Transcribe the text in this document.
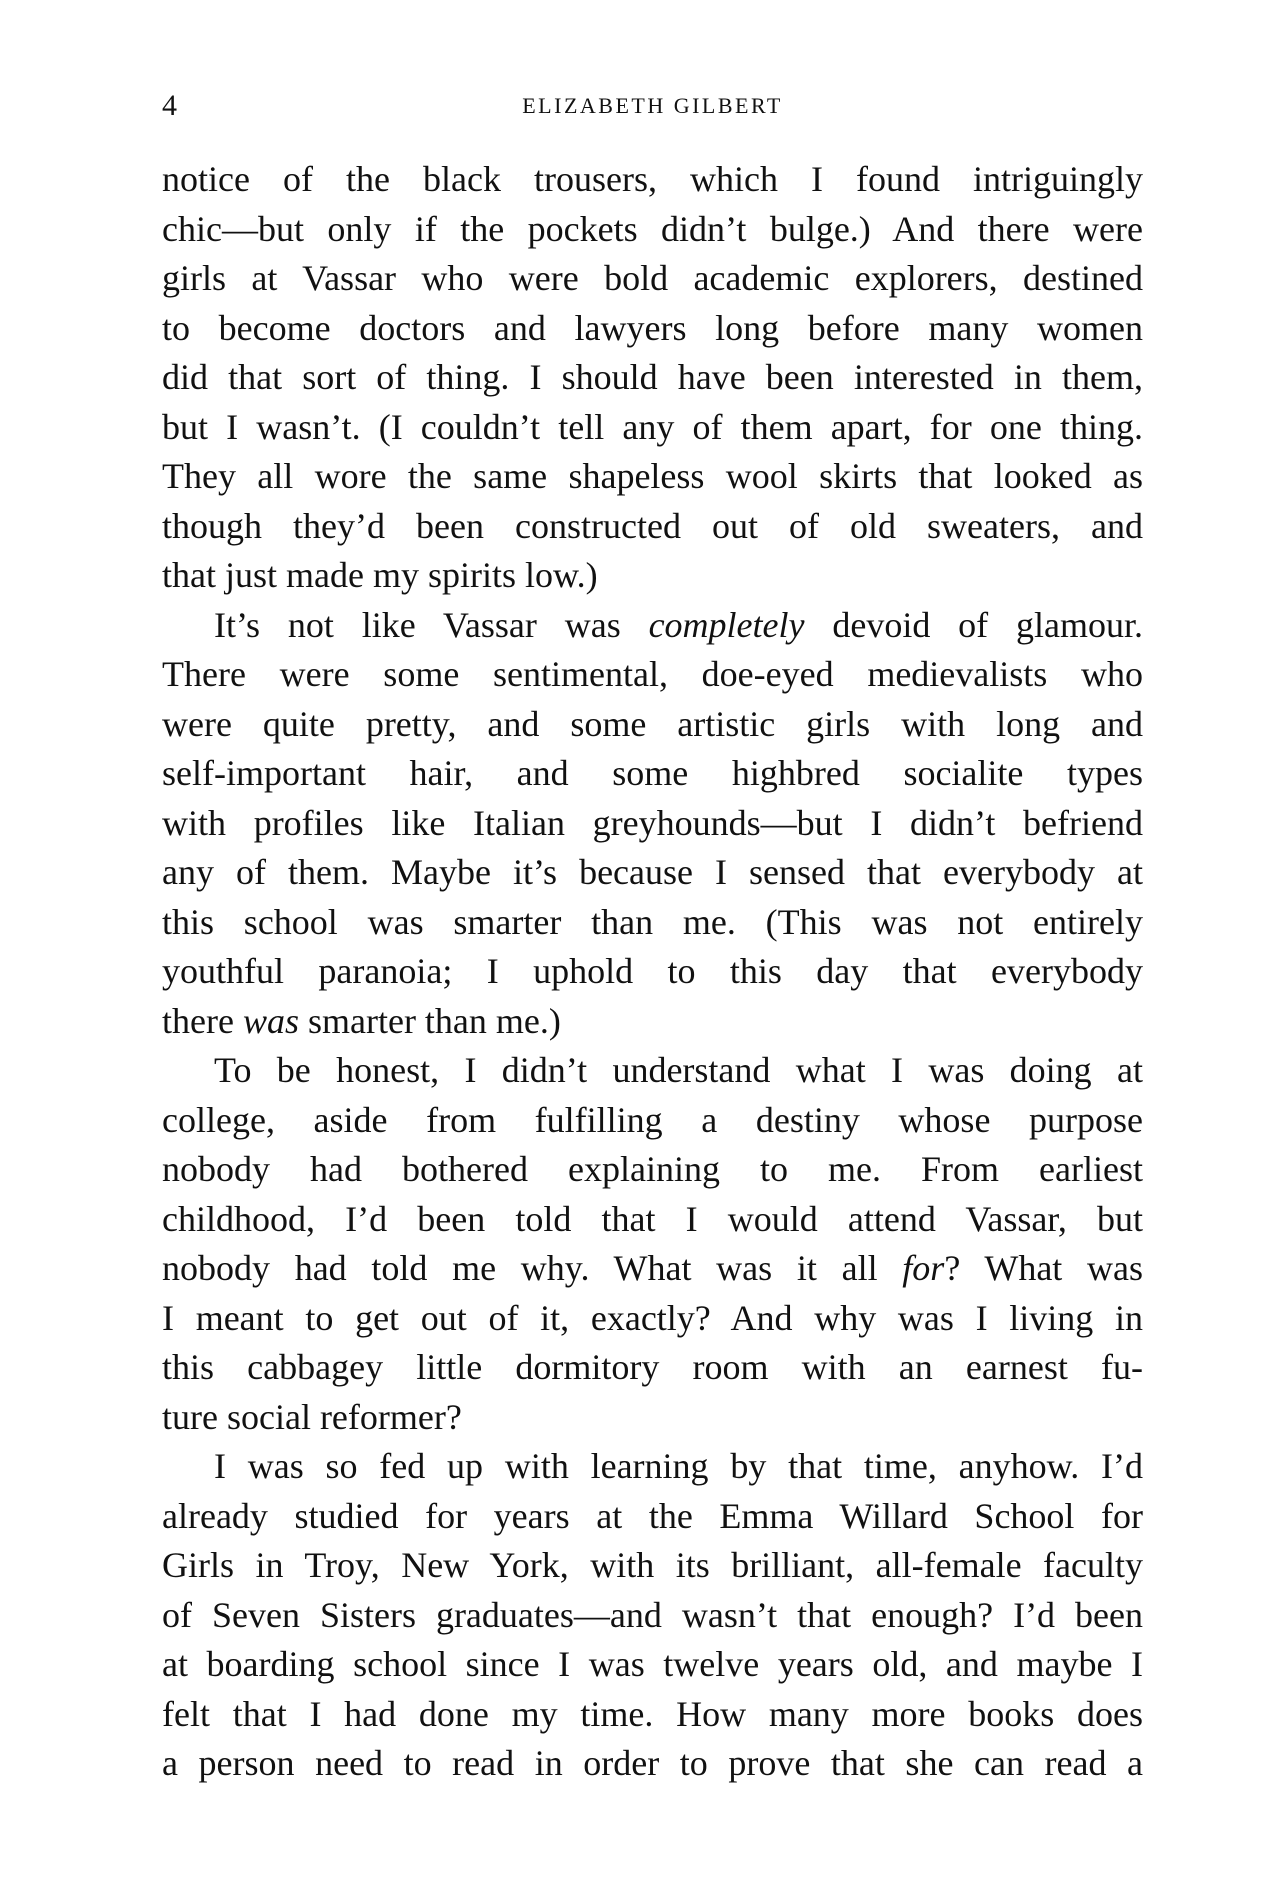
4	ELIZABETH GILBERT
notice of the black trousers, which I found intriguingly
chic—but only if the pockets didn’t bulge.) And there were
girls at Vassar who were bold academic explorers, destined
to become doctors and lawyers long before many women
did that sort of thing. I should have been interested in them,
but I wasn’t. (I couldn’t tell any of them apart, for one thing.
They all wore the same shapeless wool skirts that looked as
though they’d been constructed out of old sweaters, and
that just made my spirits low.)
It’s not like Vassar was completely devoid of glamour.
There were some sentimental, doe-eyed medievalists who
were quite pretty, and some artistic girls with long and
self-important hair, and some highbred socialite types
with profiles like Italian greyhounds—but I didn’t befriend
any of them. Maybe it’s because I sensed that everybody at
this school was smarter than me. (This was not entirely
youthful paranoia; I uphold to this day that everybody
there was smarter than me.)
To be honest, I didn’t understand what I was doing at
college, aside from fulfilling a destiny whose purpose
nobody had bothered explaining to me. From earliest
childhood, I’d been told that I would attend Vassar, but
nobody had told me why. What was it all for? What was
I meant to get out of it, exactly? And why was I living in
this cabbagey little dormitory room with an earnest fu-
ture social reformer?
I was so fed up with learning by that time, anyhow. I’d
already studied for years at the Emma Willard School for
Girls in Troy, New York, with its brilliant, all-female faculty
of Seven Sisters graduates—and wasn’t that enough? I’d been
at boarding school since I was twelve years old, and maybe I
felt that I had done my time. How many more books does
a person need to read in order to prove that she can read a
